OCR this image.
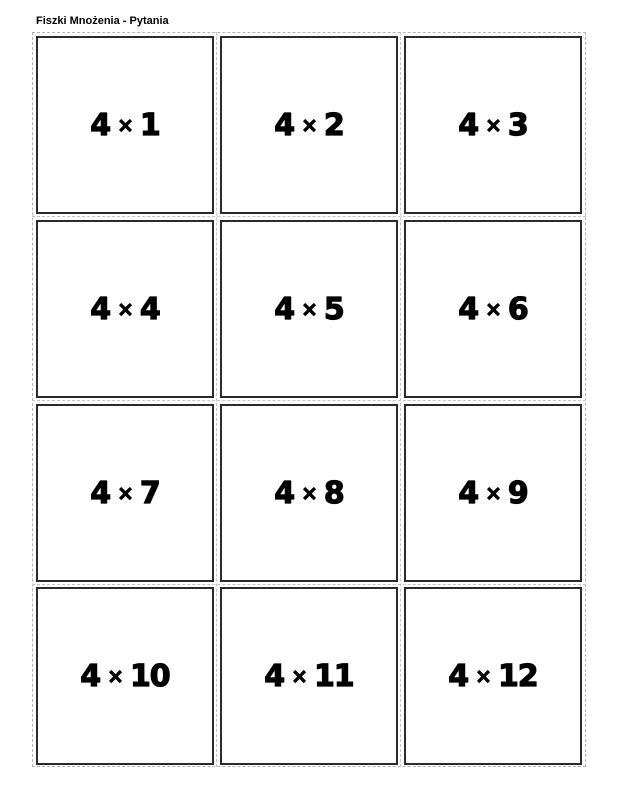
Fiszki Mnożenia - Pytania
4 × 1	4 × 2	4 × 3
4 × 4	4 × 5	4 × 6
4 × 7	4 × 8	4 × 9
4 × 10	4 × 11	4 × 12
